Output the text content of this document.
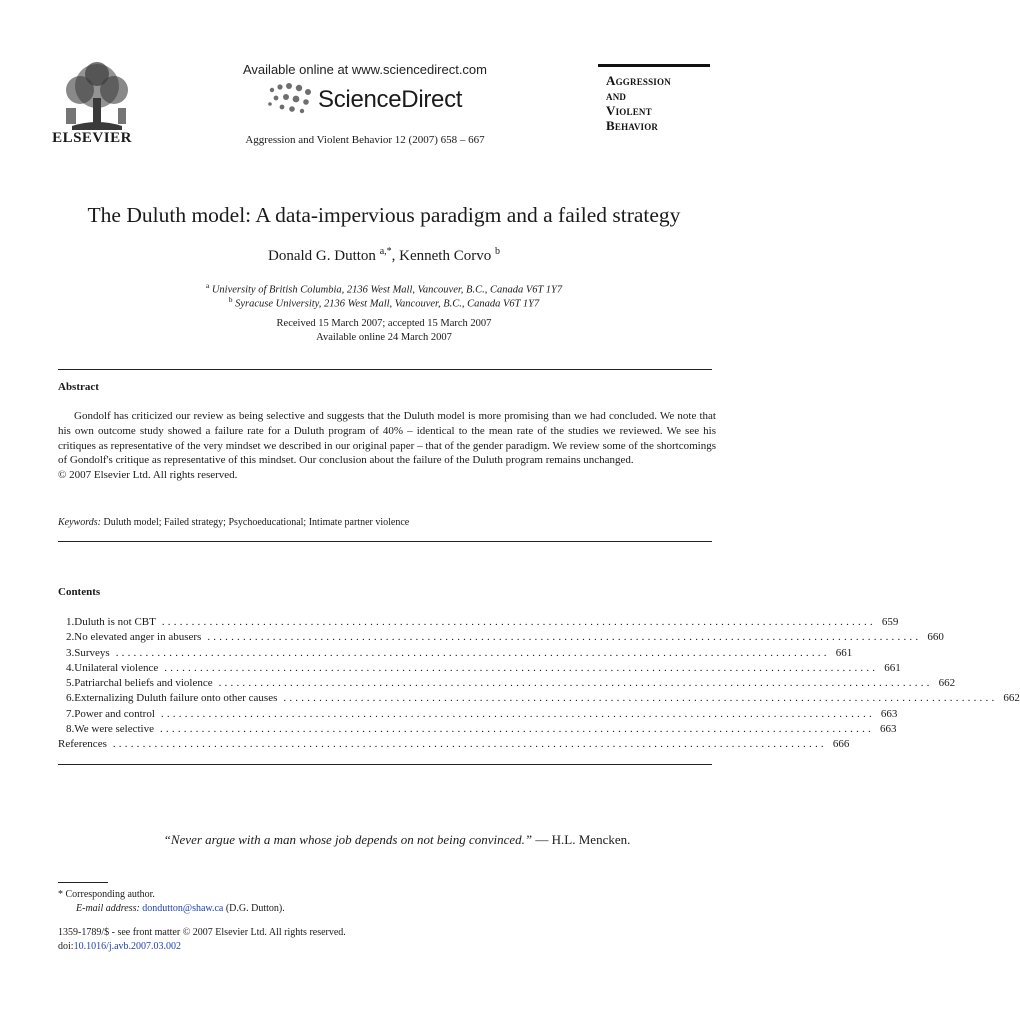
ELSEVIER
Available online at www.sciencedirect.com
ScienceDirect
Aggression and Violent Behavior 12 (2007) 658 – 667
Aggression
and
Violent
Behavior
The Duluth model: A data-impervious paradigm and a failed strategy
Donald G. Dutton $^{a,*}$, Kenneth Corvo $^b$
$^a$ University of British Columbia, 2136 West Mall, Vancouver, B.C., Canada V6T 1Y7
$^b$ Syracuse University, 2136 West Mall, Vancouver, B.C., Canada V6T 1Y7
Received 15 March 2007; accepted 15 March 2007
Available online 24 March 2007
Abstract

Gondolf has criticized our review as being selective and suggests that the Duluth model is more promising than we had concluded. We note that his own outcome study showed a failure rate for a Duluth program of 40% – identical to the mean rate of the studies we reviewed. We see his critiques as representative of the very mindset we described in our original paper – that of the gender paradigm. We review some of the shortcomings of Gondolf's critique as representative of this mindset. Our conclusion about the failure of the Duluth program remains unchanged.

© 2007 Elsevier Ltd. All rights reserved.
Keywords: Duluth model; Failed strategy; Psychoeducational; Intimate partner violence
Contents
1. Duluth is not CBT ........................................................................................................................ 659
2. No elevated anger in abusers ........................................................................................................................ 660
3. Surveys ........................................................................................................................ 661
4. Unilateral violence ........................................................................................................................ 661
5. Patriarchal beliefs and violence ........................................................................................................................ 662
6. Externalizing Duluth failure onto other causes ........................................................................................................................ 662
7. Power and control ........................................................................................................................ 663
8. We were selective ........................................................................................................................ 663
References ........................................................................................................................ 666
“Never argue with a man whose job depends on not being convinced.” — H.L. Mencken.
* Corresponding author.
E-mail address: dondutton@shaw.ca (D.G. Dutton).
1359-1789/$ - see front matter © 2007 Elsevier Ltd. All rights reserved.
doi:10.1016/j.avb.2007.03.002
